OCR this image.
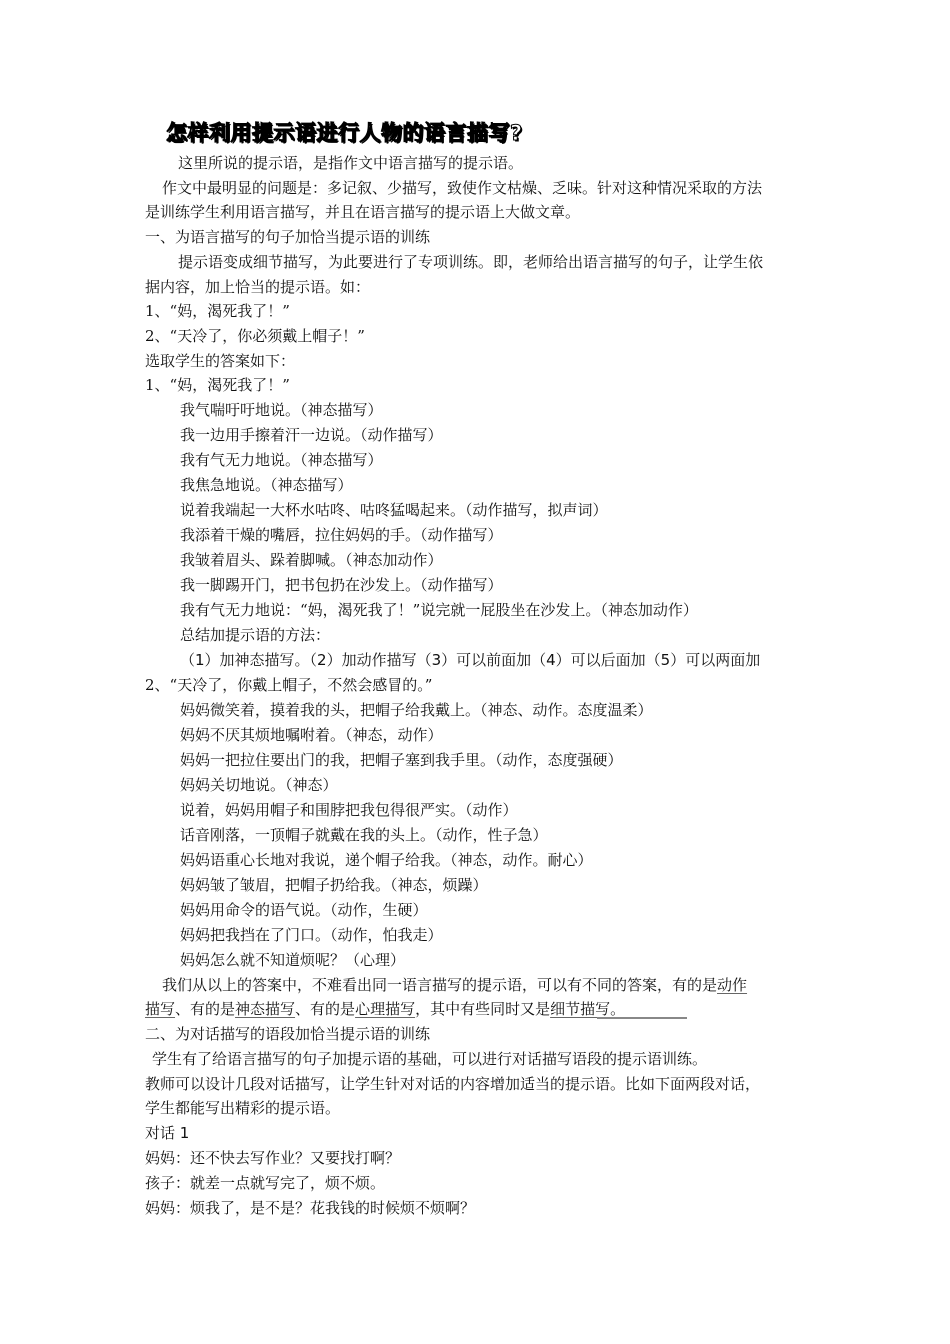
怎样利用提示语进行人物的语言描写?
这里所说的提示语，是指作文中语言描写的提示语。
作文中最明显的问题是：多记叙、少描写，致使作文枯燥、乏味。针对这种情况采取的方法
是训练学生利用语言描写，并且在语言描写的提示语上大做文章。
一、为语言描写的句子加恰当提示语的训练
提示语变成细节描写，为此要进行了专项训练。即，老师给出语言描写的句子，让学生依
据内容，加上恰当的提示语。如：
1、“妈，渴死我了！”
2、“天冷了，你必须戴上帽子！”
选取学生的答案如下：
1、“妈，渴死我了！”
我气喘吁吁地说。（神态描写）
我一边用手擦着汗一边说。（动作描写）
我有气无力地说。（神态描写）
我焦急地说。（神态描写）
说着我端起一大杯水咕咚、咕咚猛喝起来。（动作描写，拟声词）
我添着干燥的嘴唇，拉住妈妈的手。（动作描写）
我皱着眉头、跺着脚喊。（神态加动作）
我一脚踢开门，把书包扔在沙发上。（动作描写）
我有气无力地说：“妈，渴死我了！”说完就一屁股坐在沙发上。（神态加动作）
总结加提示语的方法：
（1）加神态描写。（2）加动作描写（3）可以前面加（4）可以后面加（5）可以两面加
2、“天冷了，你戴上帽子，不然会感冒的。”
妈妈微笑着，摸着我的头，把帽子给我戴上。（神态、动作。态度温柔）
妈妈不厌其烦地嘱咐着。（神态，动作）
妈妈一把拉住要出门的我，把帽子塞到我手里。（动作，态度强硬）
妈妈关切地说。（神态）
说着，妈妈用帽子和围脖把我包得很严实。（动作）
话音刚落，一顶帽子就戴在我的头上。（动作，性子急）
妈妈语重心长地对我说，递个帽子给我。（神态，动作。耐心）
妈妈皱了皱眉，把帽子扔给我。（神态，烦躁）
妈妈用命令的语气说。（动作，生硬）
妈妈把我挡在了门口。（动作，怕我走）
妈妈怎么就不知道烦呢？（心理）
我们从以上的答案中，不难看出同一语言描写的提示语，可以有不同的答案，有的是动作
描写、有的是神态描写、有的是心理描写，其中有些同时又是细节描写。
二、为对话描写的语段加恰当提示语的训练
学生有了给语言描写的句子加提示语的基础，可以进行对话描写语段的提示语训练。
教师可以设计几段对话描写，让学生针对对话的内容增加适当的提示语。比如下面两段对话，
学生都能写出精彩的提示语。
对话 1
妈妈：还不快去写作业？又要找打啊？
孩子：就差一点就写完了，烦不烦。
妈妈：烦我了，是不是？花我钱的时候烦不烦啊？
